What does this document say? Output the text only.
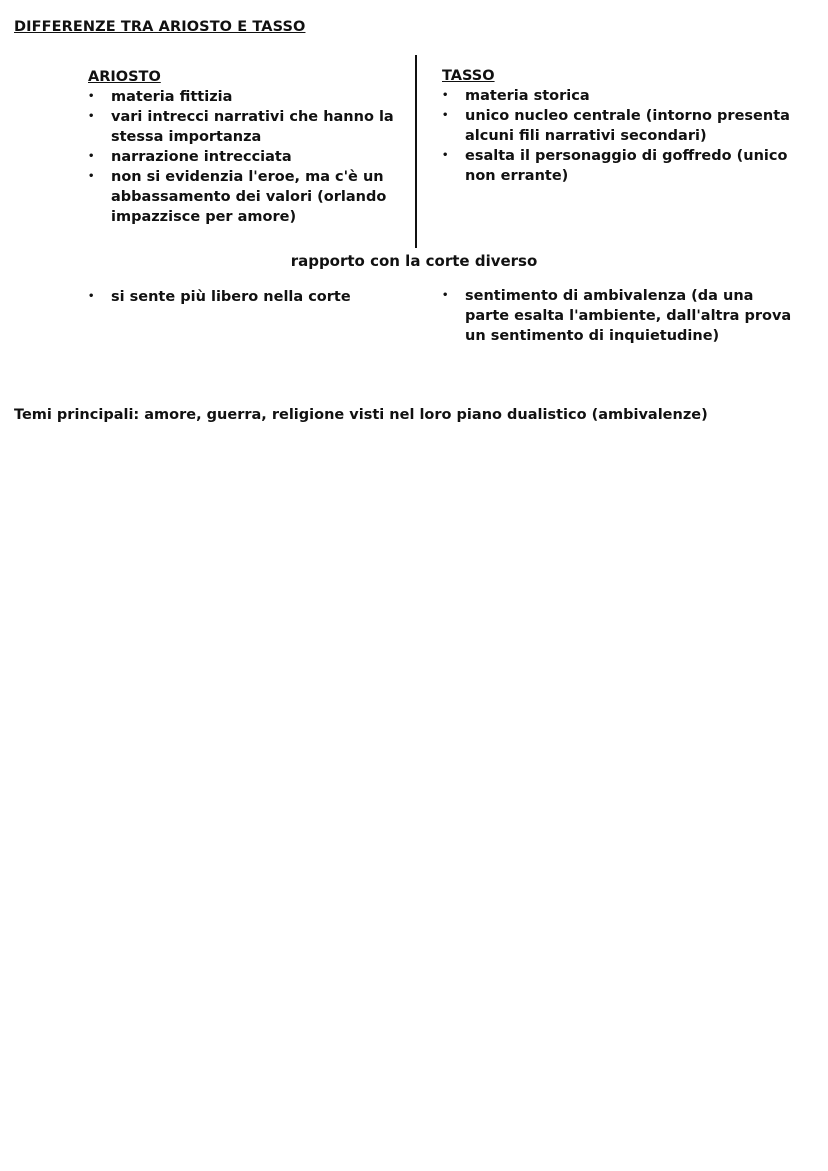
DIFFERENZE TRA ARIOSTO E TASSO
ARIOSTO
• materia fittizia
• vari intrecci narrativi che hanno la stessa importanza
• narrazione intrecciata
• non si evidenzia l'eroe, ma c'è un abbassamento dei valori (orlando impazzisce per amore)
TASSO
• materia storica
• unico nucleo centrale (intorno presenta alcuni fili narrativi secondari)
• esalta il personaggio di goffredo (unico non errante)
rapporto con la corte diverso
• si sente più libero nella corte
•	sentimento di ambivalenza (da una parte esalta l'ambiente, dall'altra prova un sentimento di inquietudine)
Temi principali: amore, guerra, religione visti nel loro piano dualistico (ambivalenze)
